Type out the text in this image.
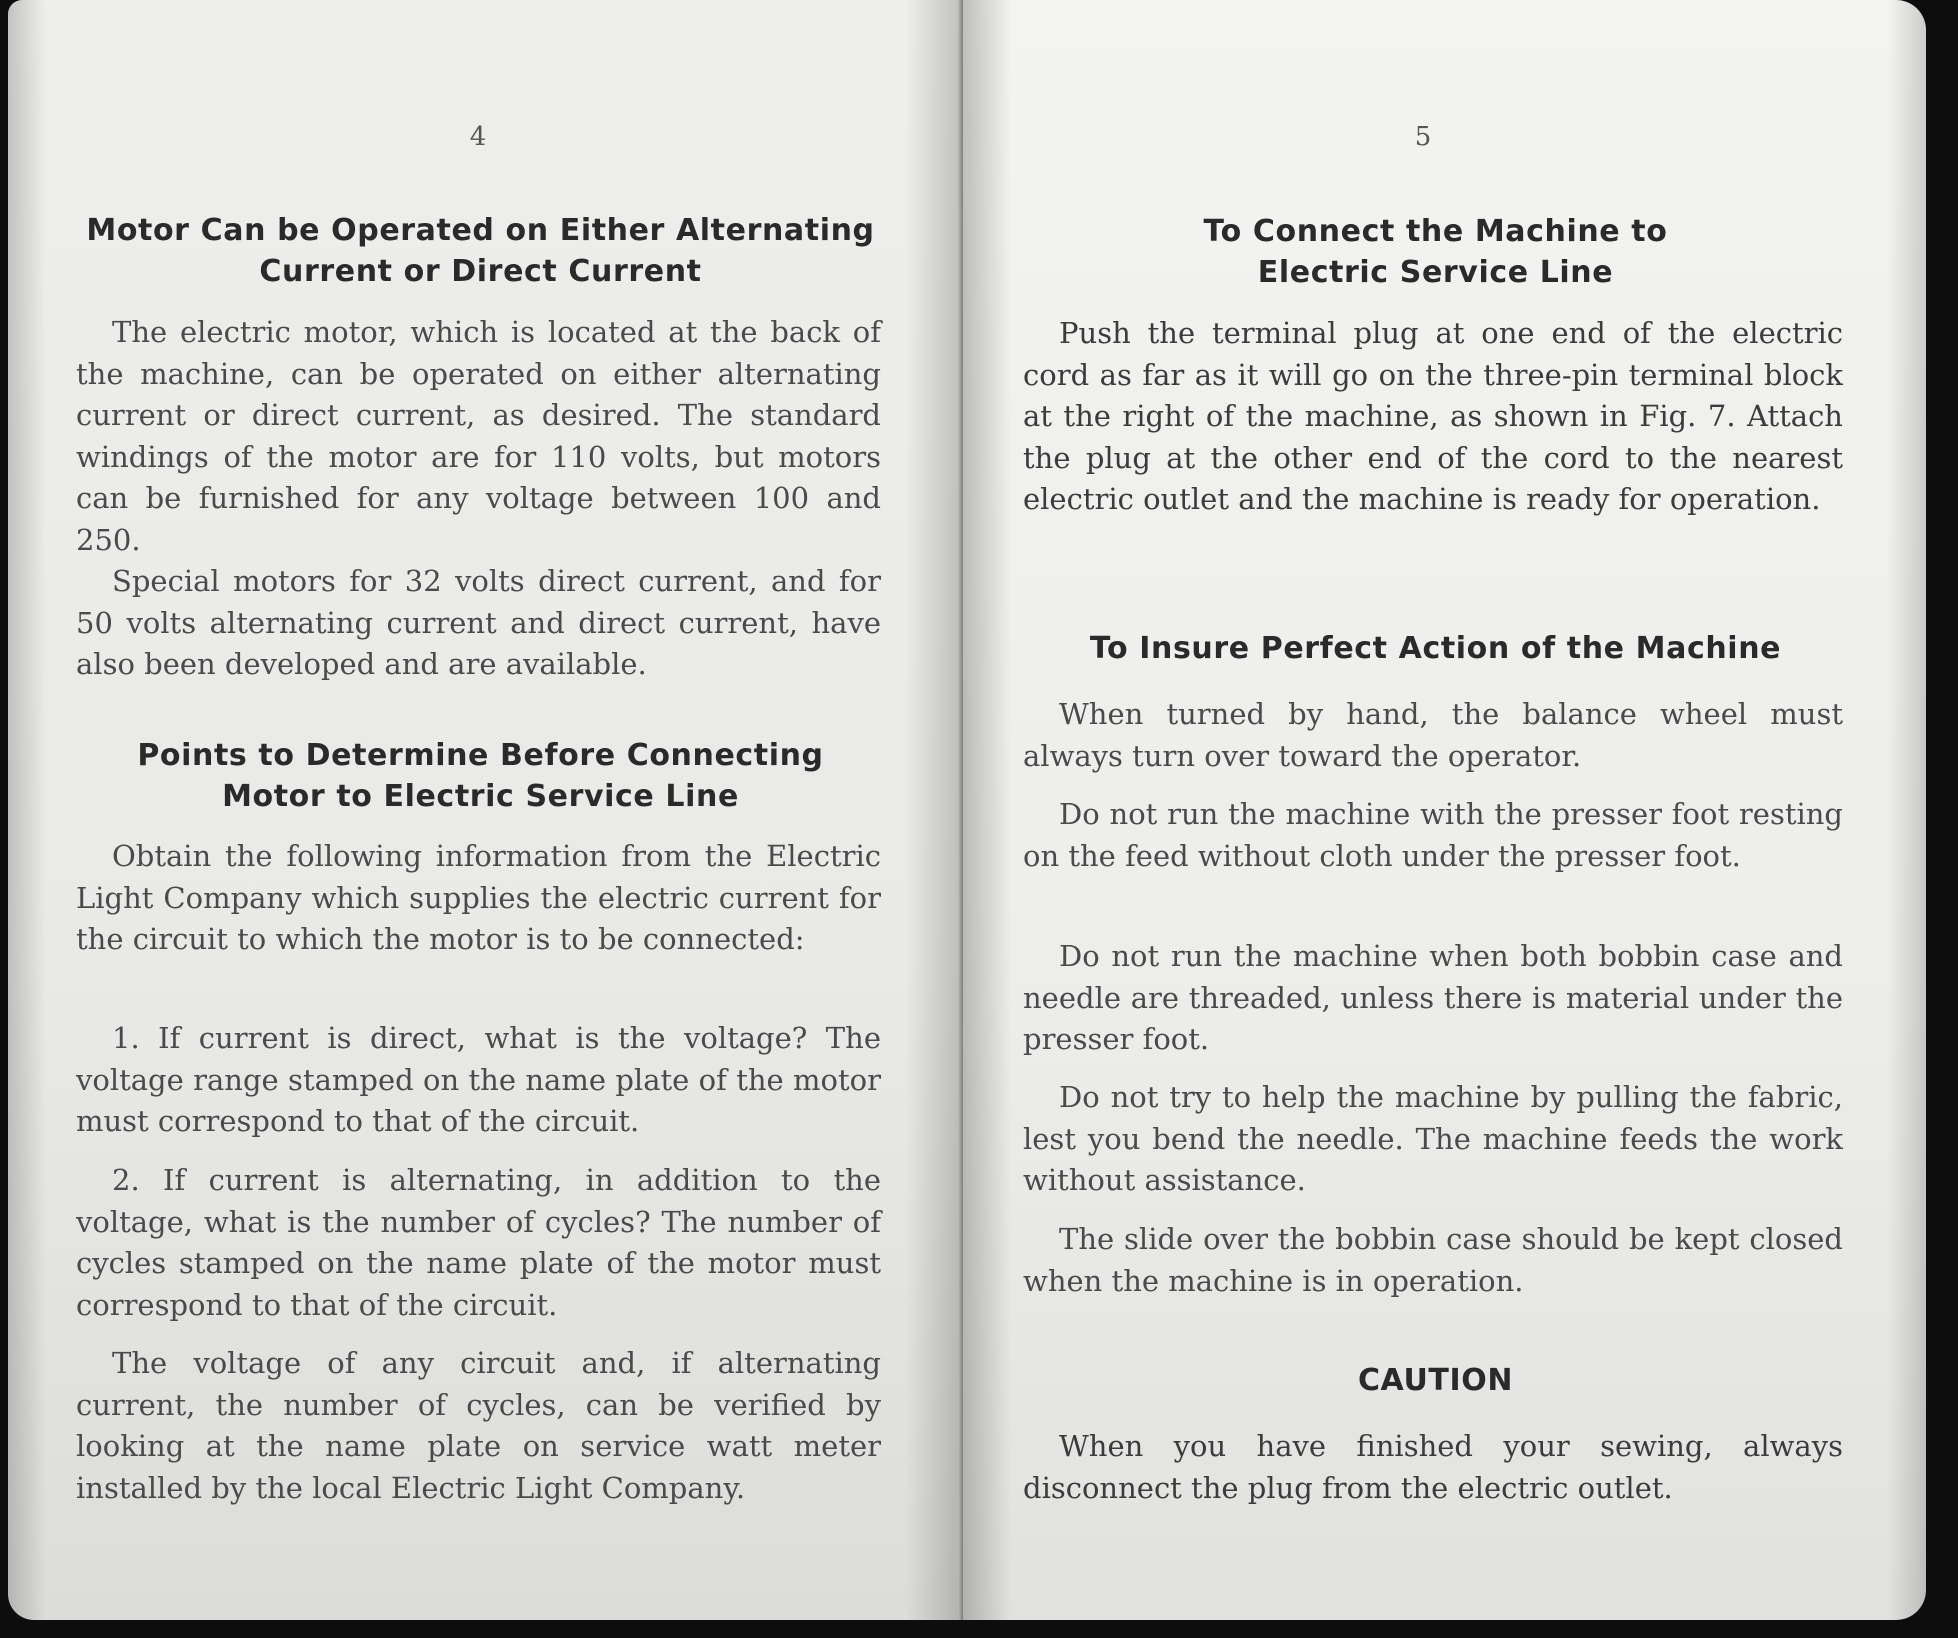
4
Motor Can be Operated on Either Alternating
Current or Direct Current

The electric motor, which is located at the back of the machine, can be operated on either alternating current or direct current, as desired. The standard windings of the motor are for 110 volts, but motors can be furnished for any voltage between 100 and 250.

Special motors for 32 volts direct current, and for 50 volts alternating current and direct current, have also been developed and are available.

Points to Determine Before Connecting
Motor to Electric Service Line

Obtain the following information from the Electric Light Company which supplies the electric current for the circuit to which the motor is to be connected:

1. If current is direct, what is the voltage? The voltage range stamped on the name plate of the motor must correspond to that of the circuit.

2. If current is alternating, in addition to the voltage, what is the number of cycles? The number of cycles stamped on the name plate of the motor must correspond to that of the circuit.

The voltage of any circuit and, if alternating current, the number of cycles, can be verified by looking at the name plate on service watt meter installed by the local Electric Light Company.

5
To Connect the Machine to
Electric Service Line

Push the terminal plug at one end of the electric cord as far as it will go on the three-pin terminal block at the right of the machine, as shown in Fig. 7. Attach the plug at the other end of the cord to the nearest electric outlet and the machine is ready for operation.

To Insure Perfect Action of the Machine

When turned by hand, the balance wheel must always turn over toward the operator.

Do not run the machine with the presser foot resting on the feed without cloth under the presser foot.

Do not run the machine when both bobbin case and needle are threaded, unless there is material under the presser foot.

Do not try to help the machine by pulling the fabric, lest you bend the needle. The machine feeds the work without assistance.

The slide over the bobbin case should be kept closed when the machine is in operation.

CAUTION

When you have finished your sewing, always disconnect the plug from the electric outlet.
